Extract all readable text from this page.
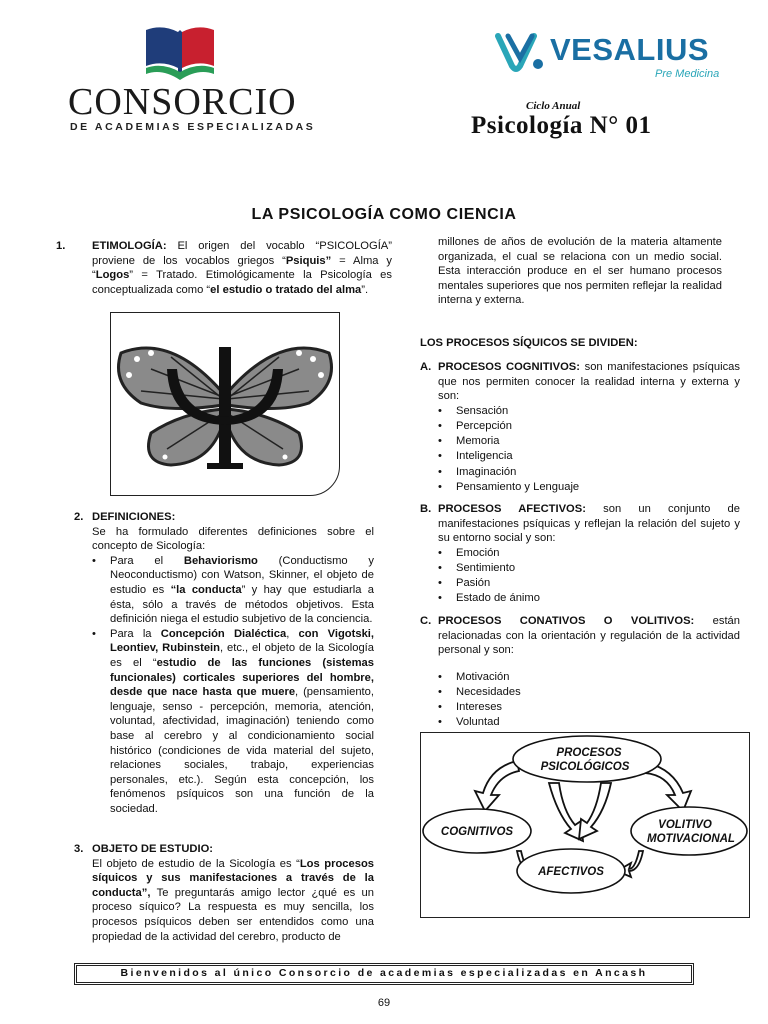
CONSORCIO
DE ACADEMIAS ESPECIALIZADAS
VESALIUS
Pre Medicina
Ciclo Anual
Psicología N° 01
LA PSICOLOGÍA COMO CIENCIA
1. ETIMOLOGÍA: El origen del vocablo “PSICOLOGÍA” proviene de los vocablos griegos “Psiquis” = Alma y “Logos” = Tratado. Etimológicamente la Psicología es conceptualizada como “el estudio o tratado del alma”.
2. DEFINICIONES:

Se ha formulado diferentes definiciones sobre el concepto de Sicología:

• Para el Behaviorismo (Conductismo y Neoconductismo) con Watson, Skinner, el objeto de estudio es “la conducta” y hay que estudiarla a ésta, sólo a través de métodos objetivos. Esta definición niega el estudio subjetivo de la conciencia.
• Para la Concepción Dialéctica, con Vigotski, Leontiev, Rubinstein, etc., el objeto de la Sicología es el “estudio de las funciones (sistemas funcionales) corticales superiores del hombre, desde que nace hasta que muere, (pensamiento, lenguaje, senso - percepción, memoria, atención, voluntad, afectividad, imaginación) teniendo como base al cerebro y al condicionamiento social histórico (condiciones de vida material del sujeto, relaciones sociales, trabajo, experiencias personales, etc.). Según esta concepción, los fenómenos psíquicos son una función de la sociedad.
3. OBJETO DE ESTUDIO:

El objeto de estudio de la Sicología es “Los procesos síquicos y sus manifestaciones a través de la conducta”, Te preguntarás amigo lector ¿qué es un proceso síquico? La respuesta es muy sencilla, los procesos psíquicos deben ser entendidos como una propiedad de la actividad del cerebro, producto de

millones de años de evolución de la materia altamente organizada, el cual se relaciona con un medio social. Esta interacción produce en el ser humano procesos mentales superiores que nos permiten reflejar la realidad interna y externa.

LOS PROCESOS SÍQUICOS SE DIVIDEN:

A. PROCESOS COGNITIVOS: son manifestaciones psíquicas que nos permiten conocer la realidad interna y externa y son:

• Sensación
• Percepción
• Memoria
• Inteligencia
• Imaginación
• Pensamiento y Lenguaje

B. PROCESOS AFECTIVOS: son un conjunto de manifestaciones psíquicas y reflejan la relación del sujeto y su entorno social y son:

• Emoción
• Sentimiento
• Pasión
• Estado de ánimo

C. PROCESOS CONATIVOS O VOLITIVOS: están relacionadas con la orientación y regulación de la actividad personal y son:

• Motivación
• Necesidades
• Intereses
• Voluntad
PROCESOS
PSICOLÓGICOS
COGNITIVOS
VOLITIVO
MOTIVACIONAL
AFECTIVOS
Bienvenidos al único Consorcio de academias especializadas en Ancash
69
